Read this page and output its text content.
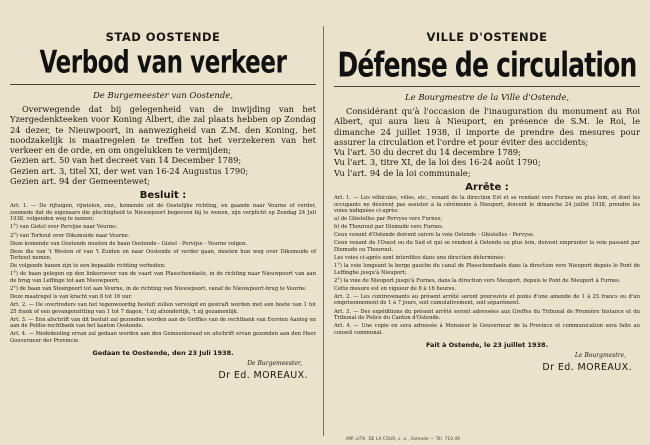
STAD OOSTENDE
Verbod van verkeer
De Burgemeester van Oostende,

Overwegende dat bij gelegenheid van de inwijding van het Yzergedenkteeken voor Koning Albert, die zal plaats hebben op Zondag 24 dezer, te Nieuwpoort, in aanwezigheid van Z.M. den Koning, het noodzakelijk is maatregelen te treffen tot het verzekeren van het verkeer en de orde, en om ongelukken te vermijden;

Gezien art. 50 van het decreet van 14 December 1789;

Gezien art. 3, titel XI, der wet van 16-24 Augustus 1790;

Gezien art. 94 der Gemeentewet;

Besluit :

Art. 1. — De rijtuigen, rijwielen, enz., komende uit de Oostelijke richting, en gaande naar Veurne of verder, zoomede dat de eigenaars die plechtigheid te Nieuwpoort begeeven bij te wonen, zijn verplicht op Zondag 24 Juli 1938, volgenden weg te nemen:

1°) van Gistel over Pervijse naar Veurne;

2°) van Torhout over Diksmuide naar Veurne.

Deze komende van Oostende moeten de baan Oostende - Gistel - Pervijse - Veurne volgen.

Deze die van 't Westen of van 't Zuiden en naar Oostende of verder gaan, moeten hun weg over Diksmuide of Torhout nemen.

De volgende banen zijn te een bepaalde richting verboden:

1°) de baan gelegen op den linkeroever van de vaart van Plasschendaele, in de richting naar Nieuwpoort van aan de brug van Leffinge tot aan Nieuwpoort;

2°) de baan van Steenpoort tot aan Veurne, in de richting van Nieuwpoort, vanaf de Nieuwpoort-brug te Veurne.

Deze maatregel is van kracht van 8 tot 16 uur.

Art. 2. — De overtreders van het tegenwoordig besluit zullen vervolgd en gestraft worden met een boete van 1 tot 25 frank of een gevangenzitting van 1 tot 7 dagen, 't zij afzonderlijk, 't zij gezamenlijk.

Art. 3. — Een afschrift van dit besluit zal gezonden worden aan de Griffies van de rechtbank van Eersten Aanleg en aan de Politie-rechtbank van het kanton Oostende.

Art. 4. — Mededeeling ervan zal gedaan worden aan den Gemeenteraad en afschrift ervan gezonden aan den Heer Gouverneur der Provincie.

Gedaan te Oostende, den 23 Juli 1938.
De Burgemeester,
Dr Ed. MOREAUX.
VILLE D'OSTENDE
Défense de circulation
Le Bourgmestre de la Ville d'Ostende,

Considérant qu'à l'occasion de l'inauguration du monument au Roi Albert, qui aura lieu à Nieuport, en présence de S.M. le Roi, le dimanche 24 juillet 1938, il importe de prendre des mesures pour assurer la circulation et l'ordre et pour éviter des accidents;

Vu l'art. 50 du decret du 14 decembre 1789;

Vu l'art. 3, titre XI, de la loi des 16-24 août 1790;

Vu l'art. 94 de la loi communale;

Arrête :

Art. 1. — Les véhicules, vélos, etc., venant de la direction Est et se rendant vers Furnes ou plus loin, et dont les occupants ne désirent pas assister à la cérémonie à Nieuport, doivent le dimanche 24 juillet 1938, prendre les voies indiquées ci-après:

a) de Ghistelles par Pervyse vers Furnes;

b) de Thourout par Dixmude vers Furnes.

Ceux venant d'Ostende doivent suivre la voie Ostende - Ghistelles - Pervyse.

Ceux venant de l'Ouest ou du Sud et qui se rendent à Ostende ou plus loin, doivent emprunter la voie passant par Dixmude ou Thourout.

Les voies ci-après sont interdites dans une direction déterminée:

1°) la voie longeant la berge gauche du canal de Plasschendaele dans la direction vers Nieuport depuis le Pont de Leffinghe jusqu'à Nieuport;

2°) la voie de Nieuport jusqu'à Furnes, dans la direction vers Nieuport, depuis le Pont de Nieuport à Furnes.

Cette mesure est en vigueur de 8 à 16 heures.

Art. 2. — Les contrevenants au présent arrêté seront poursuivis et punis d'une amende de 1 à 25 francs ou d'un emprisonnement de 1 à 7 jours, soit cumulativement, soit séparément.

Art. 3. — Des expéditions du présent arrêté seront adressées aux Greffes du Tribunal de Première Instance et du Tribunal de Police du Canton d'Ostende.

Art. 4. — Une copie en sera adressée à Monsieur le Gouverneur de la Province et communication sera faite au conseil communal.

Fait à Ostende, le 23 juillet 1938.
Le Bourgmestre,
Dr Ed. MOREAUX.
IMP. LITH. DE LA COUR, s. a., Ostende — Tél. 710.49
